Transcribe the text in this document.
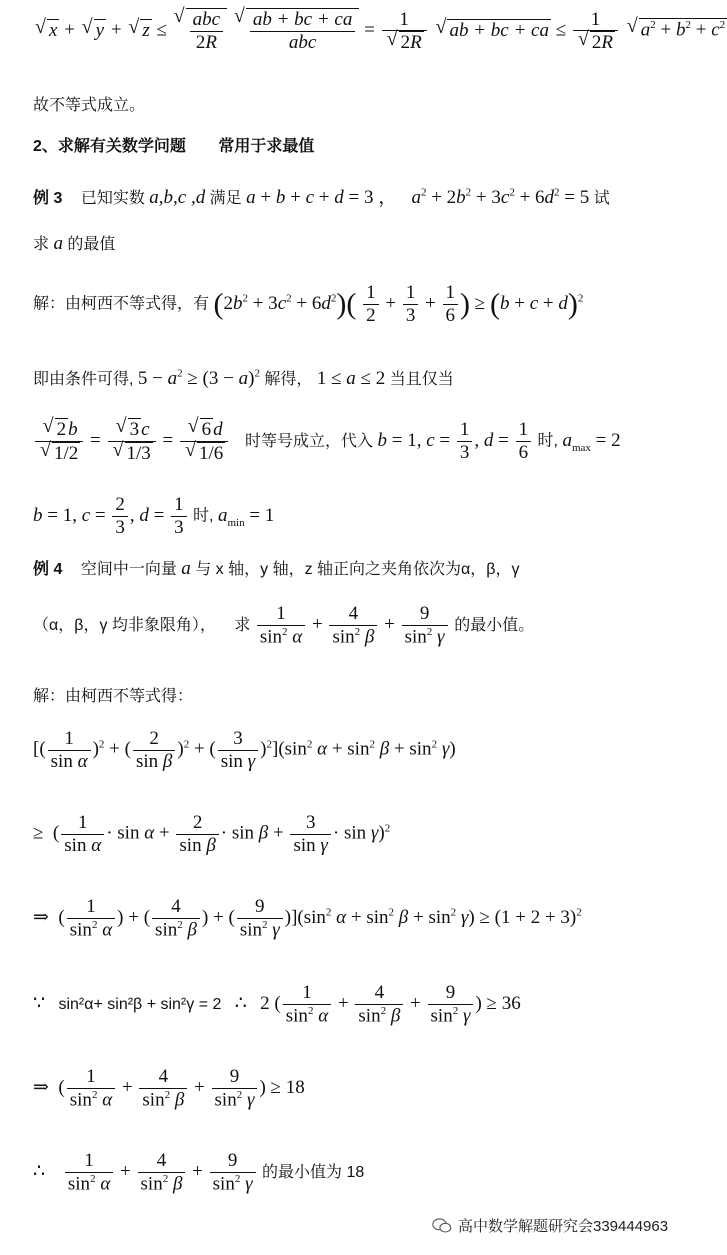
√ x + √ y + √ z ≤ √ $\frac{\text{abc}}{2R}$
√ $\frac{ab + bc + ca}{\text{abc}} = 1$
√ 2R √ ab + bc + ca ≤ 1
√ 2R √ $a^2 + b^2 + c^2$
故不等式成立。
2、求解有关数学问题 常用于求最值
例 3 已知实数 a,b,c ,d 满足 a + b + c + d = 3 ，   $a^2 + 2b^2 + 3c^2 + 6d^2 = 5$ 试
求 a 的最值
解：由柯西不等式得，有 $(2b^2 + 3c^2 + 6d^2)( \frac{1}{2} + \frac{1}{3} + \frac{1}{6}$ ) ≥ $(b + c + d)^2$
即由条件可得, $5 - a^2 \ge (3 - a)^2$ 解得， 1 ≤ a ≤ 2 当且仅当
√ 2 b
√ 1/2 = √ 3 c
√ 1/3 = √ 6 d
√ 1/6 时等号成立，代入 b = 1, $c = \frac{1}{3}$ , $d = \frac{1}{6}$ 时, $a_{max} = 2$
b = 1, $c = \frac{2}{3}$ , $d = \frac{1}{3}$ 时, $a_{min} = 1$
例 4 空间中一向量 a 与 x 轴，y 轴，z 轴正向之夹角依次为α，β，γ
（α，β，γ 均非象限角）， 求 $\frac{1}{\sin^2 \alpha} + \frac{4}{\sin^2 \beta} + \frac{9}{\sin^2 \gamma}$ 的最小值。
解：由柯西不等式得：
[( $\frac{1}{\text{sin α}} )^2$ + ( $\frac{2}{\text{sin β}} )^2$ + ( $\frac{3}{\text{sin γ}} )^2](\sin^2$ $\alpha + \sin^2 \beta + \sin^2 \gamma$)
≥  ( $\frac{1}{\text{sin α}} \cdot \sin \alpha + \frac{2}{\text{sin β}} \cdot \sin \beta + \frac{3}{\text{sin γ}} \cdot \sin \gamma)^2$
⇒  ( $\frac{1}{\sin^2 \alpha}$ ) + ( $\frac{4}{\sin^2 \beta}$ ) + ( $\frac{9}{\sin^2 \gamma} )](\sin^2$ $\alpha + \sin^2 \beta + \sin^2 \gamma) \ge (1 + 2 + 3)^2$
∵ sin²α+ sin²β + sin²γ = 2 ∴ 2 ( $\frac{1}{\sin^2 \alpha} + \frac{4}{\sin^2 \beta} + \frac{9}{\sin^2 \gamma}$ ) ≥ 36
⇒  ( $\frac{1}{\sin^2 \alpha} + \frac{4}{\sin^2 \beta} + \frac{9}{\sin^2 \gamma}$ ) ≥ 18
∴ $\frac{1}{\sin^2 \alpha} + \frac{4}{\sin^2 \beta} + \frac{9}{\sin^2 \gamma}$ 的最小值为 18
高中数学解题研究会339444963
